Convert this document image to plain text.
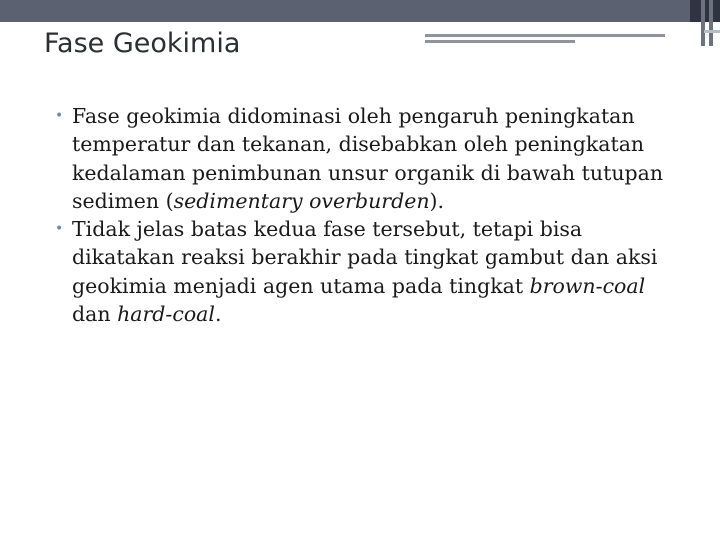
Fase Geokimia
• Fase geokimia didominasi oleh pengaruh peningkatan temperatur dan tekanan, disebabkan oleh peningkatan kedalaman penimbunan unsur organik di bawah tutupan sedimen (sedimentary overburden).
• Tidak jelas batas kedua fase tersebut, tetapi bisa dikatakan reaksi berakhir pada tingkat gambut dan aksi geokimia menjadi agen utama pada tingkat brown-coal dan hard-coal.
